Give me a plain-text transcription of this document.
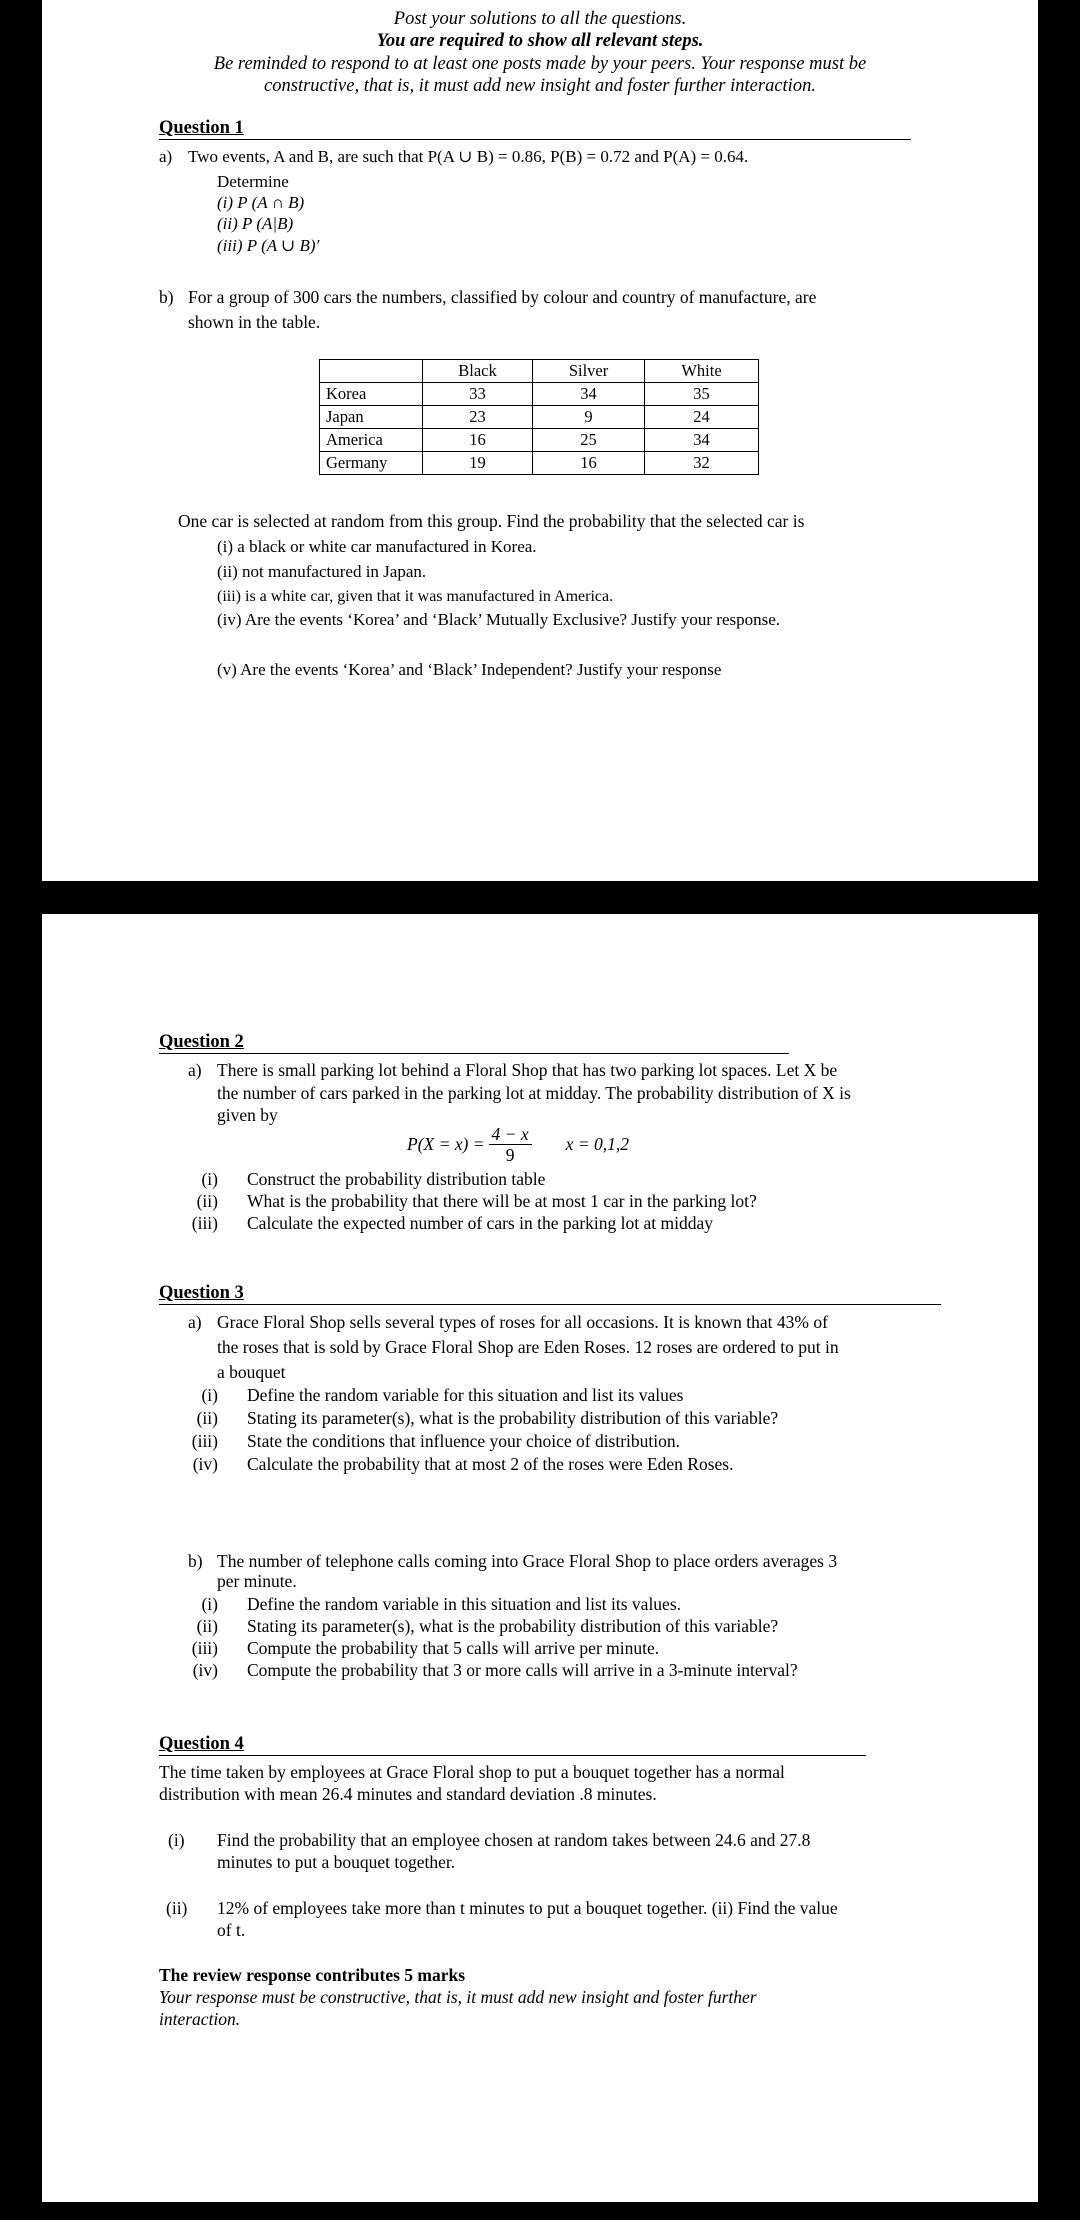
Post your solutions to all the questions.

You are required to show all relevant steps.

Be reminded to respond to at least one posts made by your peers. Your response must be

constructive, that is, it must add new insight and foster further interaction.

Question 1

a) Two events, A and B, are such that P(A ∪ B) = 0.86, P(B) = 0.72 and P(A) = 0.64.

Determine

(i) P (A ∩ B)

(ii) P (A|B)

(iii) P (A ∪ B)′

b) For a group of 300 cars the numbers, classified by colour and country of manufacture, are

shown in the table.

	Black	Silver	White
Korea	33	34	35
Japan	23	9	24
America	16	25	34
Germany	19	16	32

One car is selected at random from this group. Find the probability that the selected car is

(i) a black or white car manufactured in Korea.

(ii) not manufactured in Japan.

(iii) is a white car, given that it was manufactured in America.

(iv) Are the events ‘Korea’ and ‘Black’ Mutually Exclusive? Justify your response.

(v) Are the events ‘Korea’ and ‘Black’ Independent? Justify your response

Question 2

a) There is small parking lot behind a Floral Shop that has two parking lot spaces. Let X be

the number of cars parked in the parking lot at midday. The probability distribution of X is

given by

$P(X = x) = \frac{4 - x}{9}$ x = 0,1,2

(i) Construct the probability distribution table

(ii) What is the probability that there will be at most 1 car in the parking lot?

(iii) Calculate the expected number of cars in the parking lot at midday

Question 3

a) Grace Floral Shop sells several types of roses for all occasions. It is known that 43% of

the roses that is sold by Grace Floral Shop are Eden Roses. 12 roses are ordered to put in

a bouquet

(i) Define the random variable for this situation and list its values

(ii) Stating its parameter(s), what is the probability distribution of this variable?

(iii) State the conditions that influence your choice of distribution.

(iv) Calculate the probability that at most 2 of the roses were Eden Roses.

b) The number of telephone calls coming into Grace Floral Shop to place orders averages 3

per minute.

(i) Define the random variable in this situation and list its values.

(ii) Stating its parameter(s), what is the probability distribution of this variable?

(iii) Compute the probability that 5 calls will arrive per minute.

(iv) Compute the probability that 3 or more calls will arrive in a 3-minute interval?

Question 4

The time taken by employees at Grace Floral shop to put a bouquet together has a normal

distribution with mean 26.4 minutes and standard deviation .8 minutes.

(i) Find the probability that an employee chosen at random takes between 24.6 and 27.8

minutes to put a bouquet together.

(ii) 12% of employees take more than t minutes to put a bouquet together. (ii) Find the value

of t.

The review response contributes 5 marks

Your response must be constructive, that is, it must add new insight and foster further

interaction.
